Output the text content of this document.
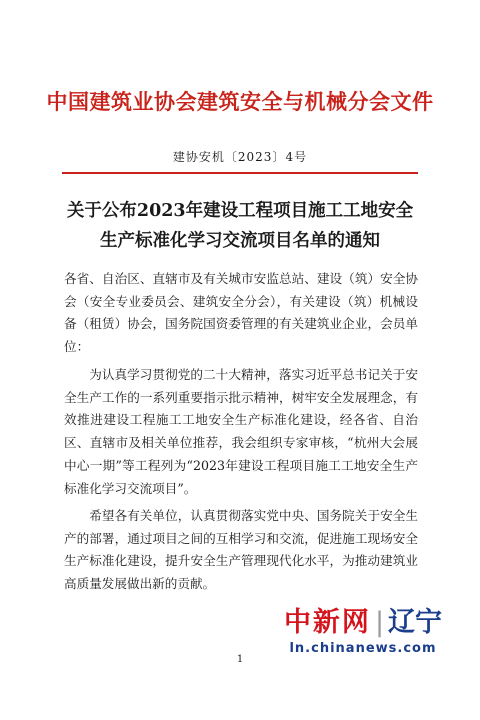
中国建筑业协会建筑安全与机械分会文件
建协安机〔2023〕4号
关于公布2023年建设工程项目施工工地安全
生产标准化学习交流项目名单的通知
各省、自治区、直辖市及有关城市安监总站、建设（筑）安全协会（安全专业委员会、建筑安全分会），有关建设（筑）机械设备（租赁）协会，国务院国资委管理的有关建筑业企业，会员单位：
为认真学习贯彻党的二十大精神，落实习近平总书记关于安全生产工作的一系列重要指示批示精神，树牢安全发展理念，有效推进建设工程施工工地安全生产标准化建设，经各省、自治区、直辖市及相关单位推荐，我会组织专家审核，“杭州大会展中心一期”等工程列为“2023年建设工程项目施工工地安全生产标准化学习交流项目”。
希望各有关单位，认真贯彻落实党中央、国务院关于安全生产的部署，通过项目之间的互相学习和交流，促进施工现场安全生产标准化建设，提升安全生产管理现代化水平，为推动建筑业高质量发展做出新的贡献。
中新网 | 辽宁
ln.chinanews.com
1
